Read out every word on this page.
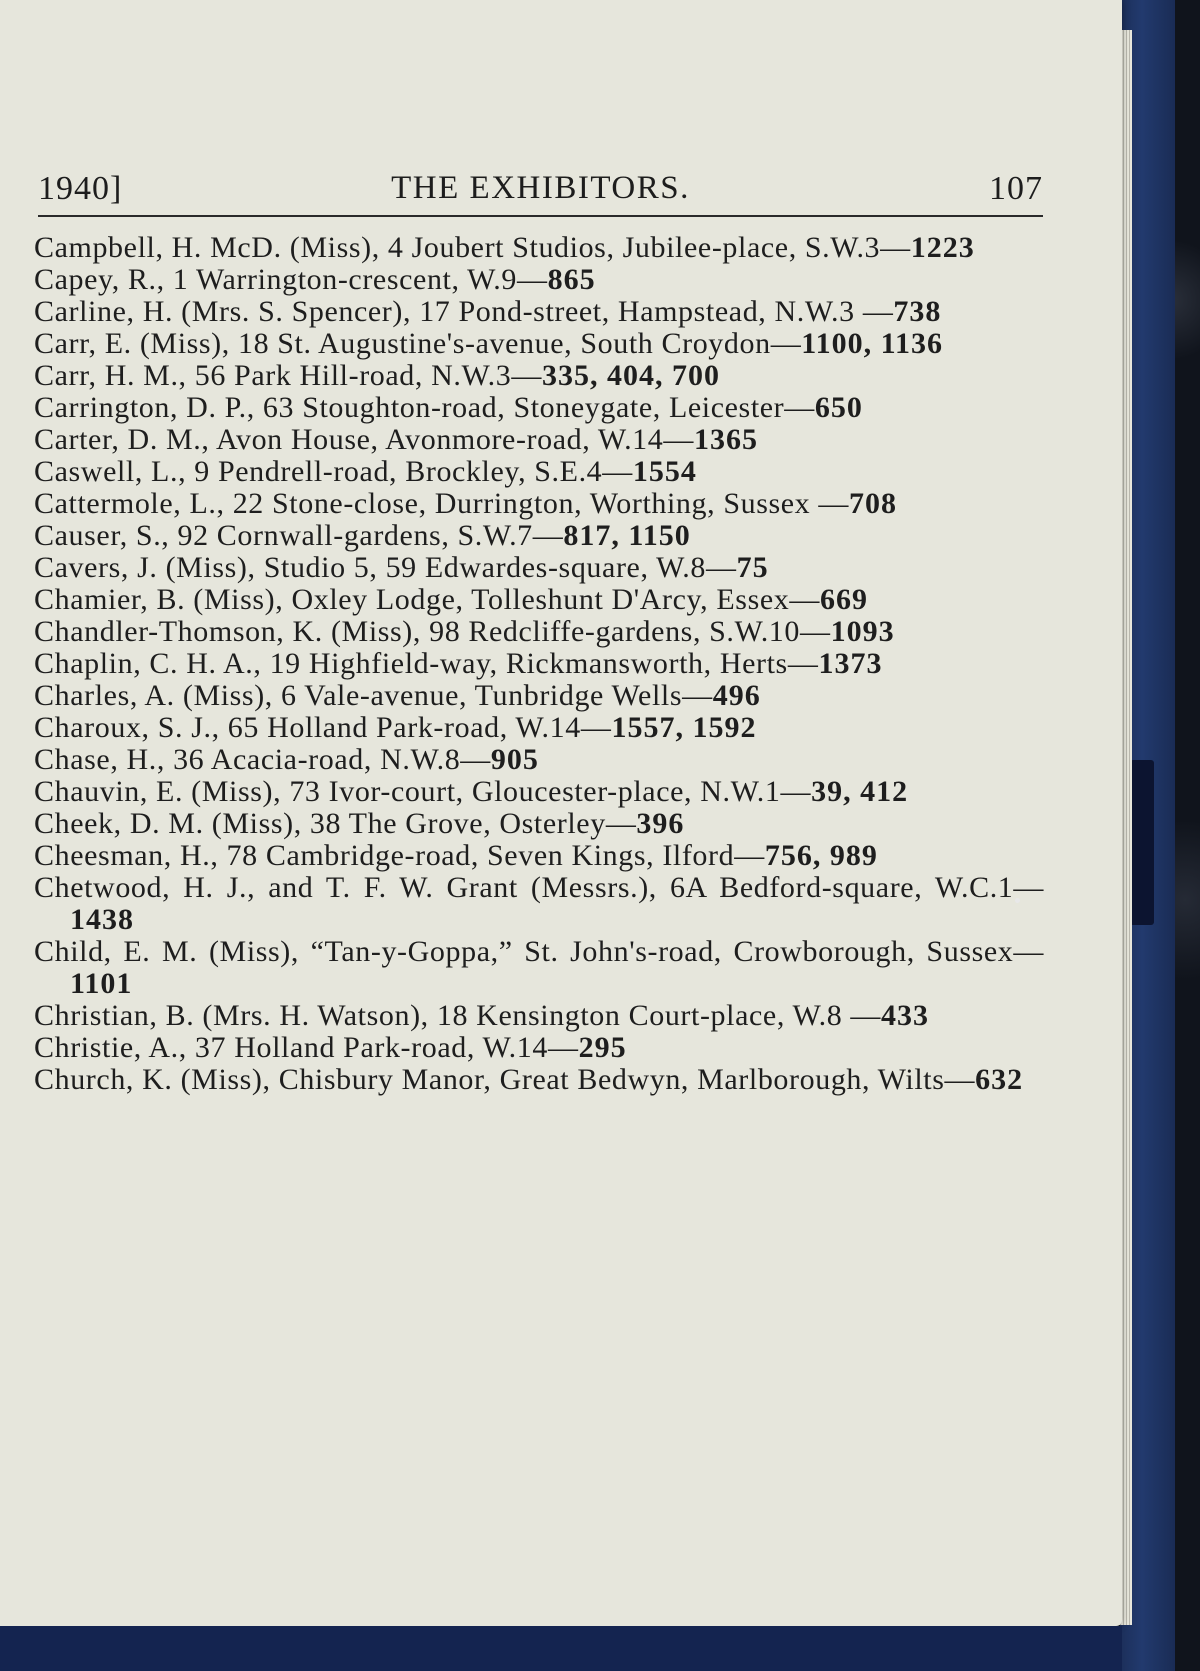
1940]	THE EXHIBITORS.	107

Campbell, H. McD. (Miss), 4 Joubert Studios, Jubilee-place, S.W.3—1223

Capey, R., 1 Warrington-crescent, W.9—865

Carline, H. (Mrs. S. Spencer), 17 Pond-street, Hampstead, N.W.3 —738

Carr, E. (Miss), 18 St. Augustine's-avenue, South Croydon—1100, 1136

Carr, H. M., 56 Park Hill-road, N.W.3—335, 404, 700

Carrington, D. P., 63 Stoughton-road, Stoneygate, Leicester—650

Carter, D. M., Avon House, Avonmore-road, W.14—1365

Caswell, L., 9 Pendrell-road, Brockley, S.E.4—1554

Cattermole, L., 22 Stone-close, Durrington, Worthing, Sussex —708

Causer, S., 92 Cornwall-gardens, S.W.7—817, 1150

Cavers, J. (Miss), Studio 5, 59 Edwardes-square, W.8—75

Chamier, B. (Miss), Oxley Lodge, Tolleshunt D'Arcy, Essex—669

Chandler-Thomson, K. (Miss), 98 Redcliffe-gardens, S.W.10—1093

Chaplin, C. H. A., 19 Highfield-way, Rickmansworth, Herts—1373

Charles, A. (Miss), 6 Vale-avenue, Tunbridge Wells—496

Charoux, S. J., 65 Holland Park-road, W.14—1557, 1592

Chase, H., 36 Acacia-road, N.W.8—905

Chauvin, E. (Miss), 73 Ivor-court, Gloucester-place, N.W.1—39, 412

Cheek, D. M. (Miss), 38 The Grove, Osterley—396

Cheesman, H., 78 Cambridge-road, Seven Kings, Ilford—756, 989

Chetwood, H. J., and T. F. W. Grant (Messrs.), 6A Bedford-square, W.C.1—1438

Child, E. M. (Miss), “Tan-y-Goppa,” St. John's-road, Crowborough, Sussex—1101

Christian, B. (Mrs. H. Watson), 18 Kensington Court-place, W.8 —433

Christie, A., 37 Holland Park-road, W.14—295

Church, K. (Miss), Chisbury Manor, Great Bedwyn, Marlborough, Wilts—632
